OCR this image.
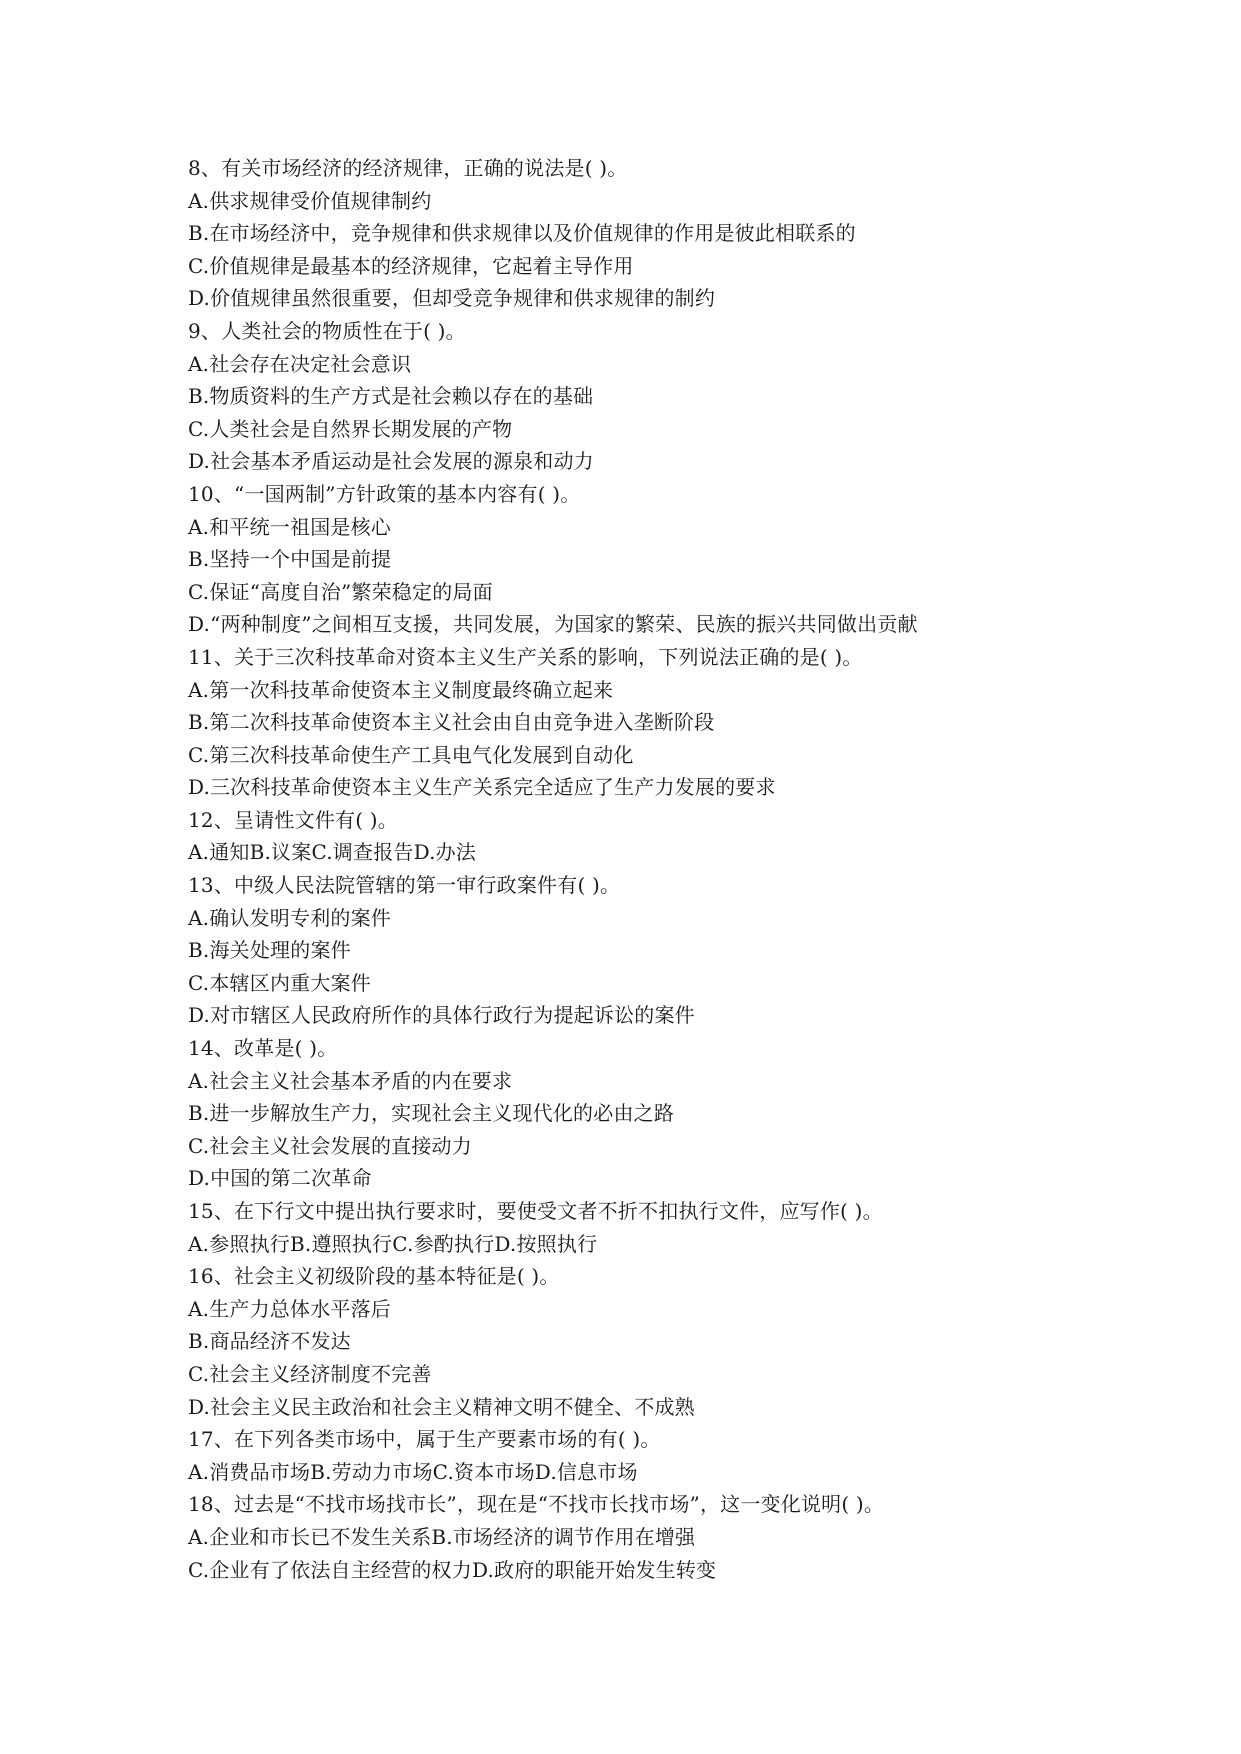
8、有关市场经济的经济规律，正确的说法是( )。
A.供求规律受价值规律制约
B.在市场经济中，竞争规律和供求规律以及价值规律的作用是彼此相联系的
C.价值规律是最基本的经济规律，它起着主导作用
D.价值规律虽然很重要，但却受竞争规律和供求规律的制约
9、人类社会的物质性在于( )。
A.社会存在决定社会意识
B.物质资料的生产方式是社会赖以存在的基础
C.人类社会是自然界长期发展的产物
D.社会基本矛盾运动是社会发展的源泉和动力
10、“一国两制”方针政策的基本内容有( )。
A.和平统一祖国是核心
B.坚持一个中国是前提
C.保证“高度自治”繁荣稳定的局面
D.“两种制度”之间相互支援，共同发展，为国家的繁荣、民族的振兴共同做出贡献
11、关于三次科技革命对资本主义生产关系的影响，下列说法正确的是( )。
A.第一次科技革命使资本主义制度最终确立起来
B.第二次科技革命使资本主义社会由自由竞争进入垄断阶段
C.第三次科技革命使生产工具电气化发展到自动化
D.三次科技革命使资本主义生产关系完全适应了生产力发展的要求
12、呈请性文件有( )。
A.通知B.议案C.调查报告D.办法
13、中级人民法院管辖的第一审行政案件有( )。
A.确认发明专利的案件
B.海关处理的案件
C.本辖区内重大案件
D.对市辖区人民政府所作的具体行政行为提起诉讼的案件
14、改革是( )。
A.社会主义社会基本矛盾的内在要求
B.进一步解放生产力，实现社会主义现代化的必由之路
C.社会主义社会发展的直接动力
D.中国的第二次革命
15、在下行文中提出执行要求时，要使受文者不折不扣执行文件，应写作( )。
A.参照执行B.遵照执行C.参酌执行D.按照执行
16、社会主义初级阶段的基本特征是( )。
A.生产力总体水平落后
B.商品经济不发达
C.社会主义经济制度不完善
D.社会主义民主政治和社会主义精神文明不健全、不成熟
17、在下列各类市场中，属于生产要素市场的有( )。
A.消费品市场B.劳动力市场C.资本市场D.信息市场
18、过去是“不找市场找市长”，现在是“不找市长找市场”，这一变化说明( )。
A.企业和市长已不发生关系B.市场经济的调节作用在增强
C.企业有了依法自主经营的权力D.政府的职能开始发生转变
